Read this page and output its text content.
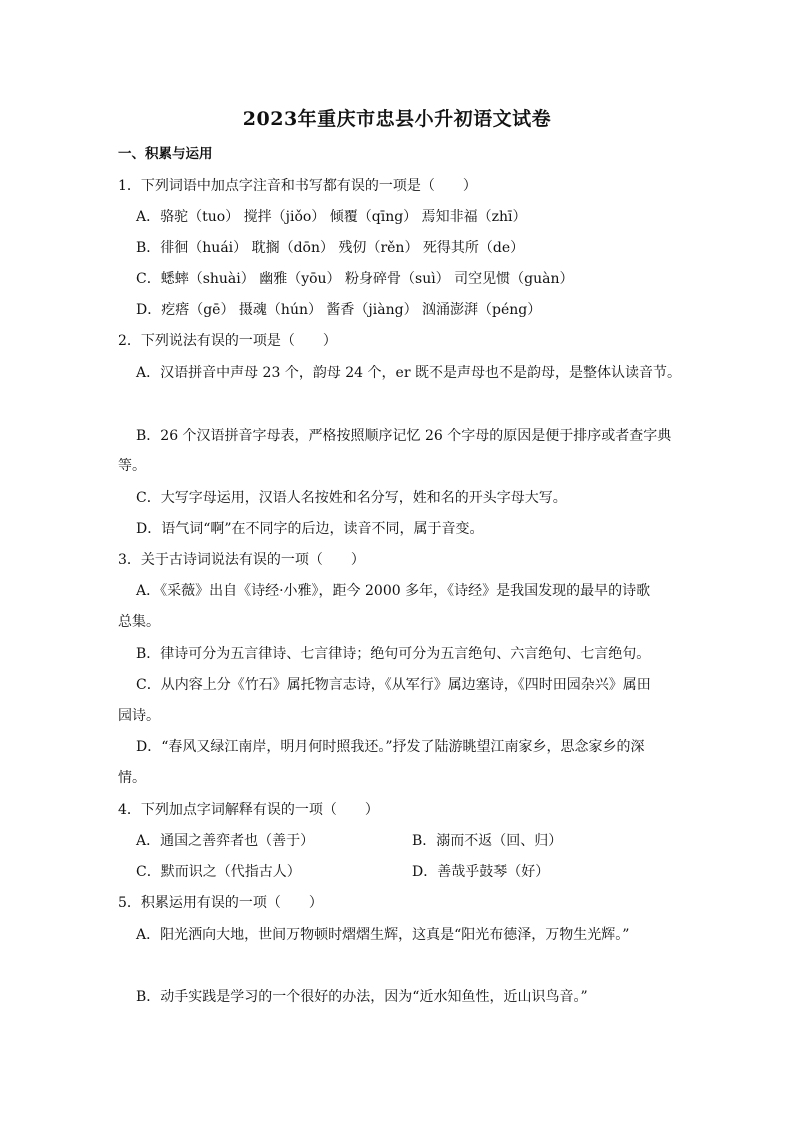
2023年重庆市忠县小升初语文试卷
一、积累与运用
1．下列词语中加点字注音和书写都有误的一项是（　　）
A．骆驼（tuo） 搅拌（jiǒo） 倾覆（qīng） 焉知非福（zhī）
B．徘徊（huái） 耽搁（dōn） 残仞（rěn） 死得其所（de）
C．蟋蟀（shuài） 幽雅（yōu） 粉身碎骨（suì） 司空见惯（guàn）
D．疙瘩（gē） 摄魂（hún） 酱香（jiàng） 汹涌澎湃（péng）
2．下列说法有误的一项是（　　）
A．汉语拼音中声母 23 个，韵母 24 个，er 既不是声母也不是韵母，是整体认读音节。
B．26 个汉语拼音字母表，严格按照顺序记忆 26 个字母的原因是便于排序或者查字典
等。
C．大写字母运用，汉语人名按姓和名分写，姓和名的开头字母大写。
D．语气词“啊”在不同字的后边，读音不同，属于音变。
3．关于古诗词说法有误的一项（　　）
A．《采薇》出自《诗经·小雅》，距今 2000 多年，《诗经》是我国发现的最早的诗歌
总集。
B．律诗可分为五言律诗、七言律诗；绝句可分为五言绝句、六言绝句、七言绝句。
C．从内容上分《竹石》属托物言志诗，《从军行》属边塞诗，《四时田园杂兴》属田
园诗。
D．“春风又绿江南岸，明月何时照我还。”抒发了陆游眺望江南家乡，思念家乡的深
情。
4．下列加点字词解释有误的一项（　　）
A．通国之善弈者也（善于）	B．溺而不返（回、归）
C．默而识之（代指古人）	D．善哉乎鼓琴（好）
5．积累运用有误的一项（　　）
A．阳光洒向大地，世间万物顿时熠熠生辉，这真是“阳光布德泽，万物生光辉。”
B．动手实践是学习的一个很好的办法，因为“近水知鱼性，近山识鸟音。”
